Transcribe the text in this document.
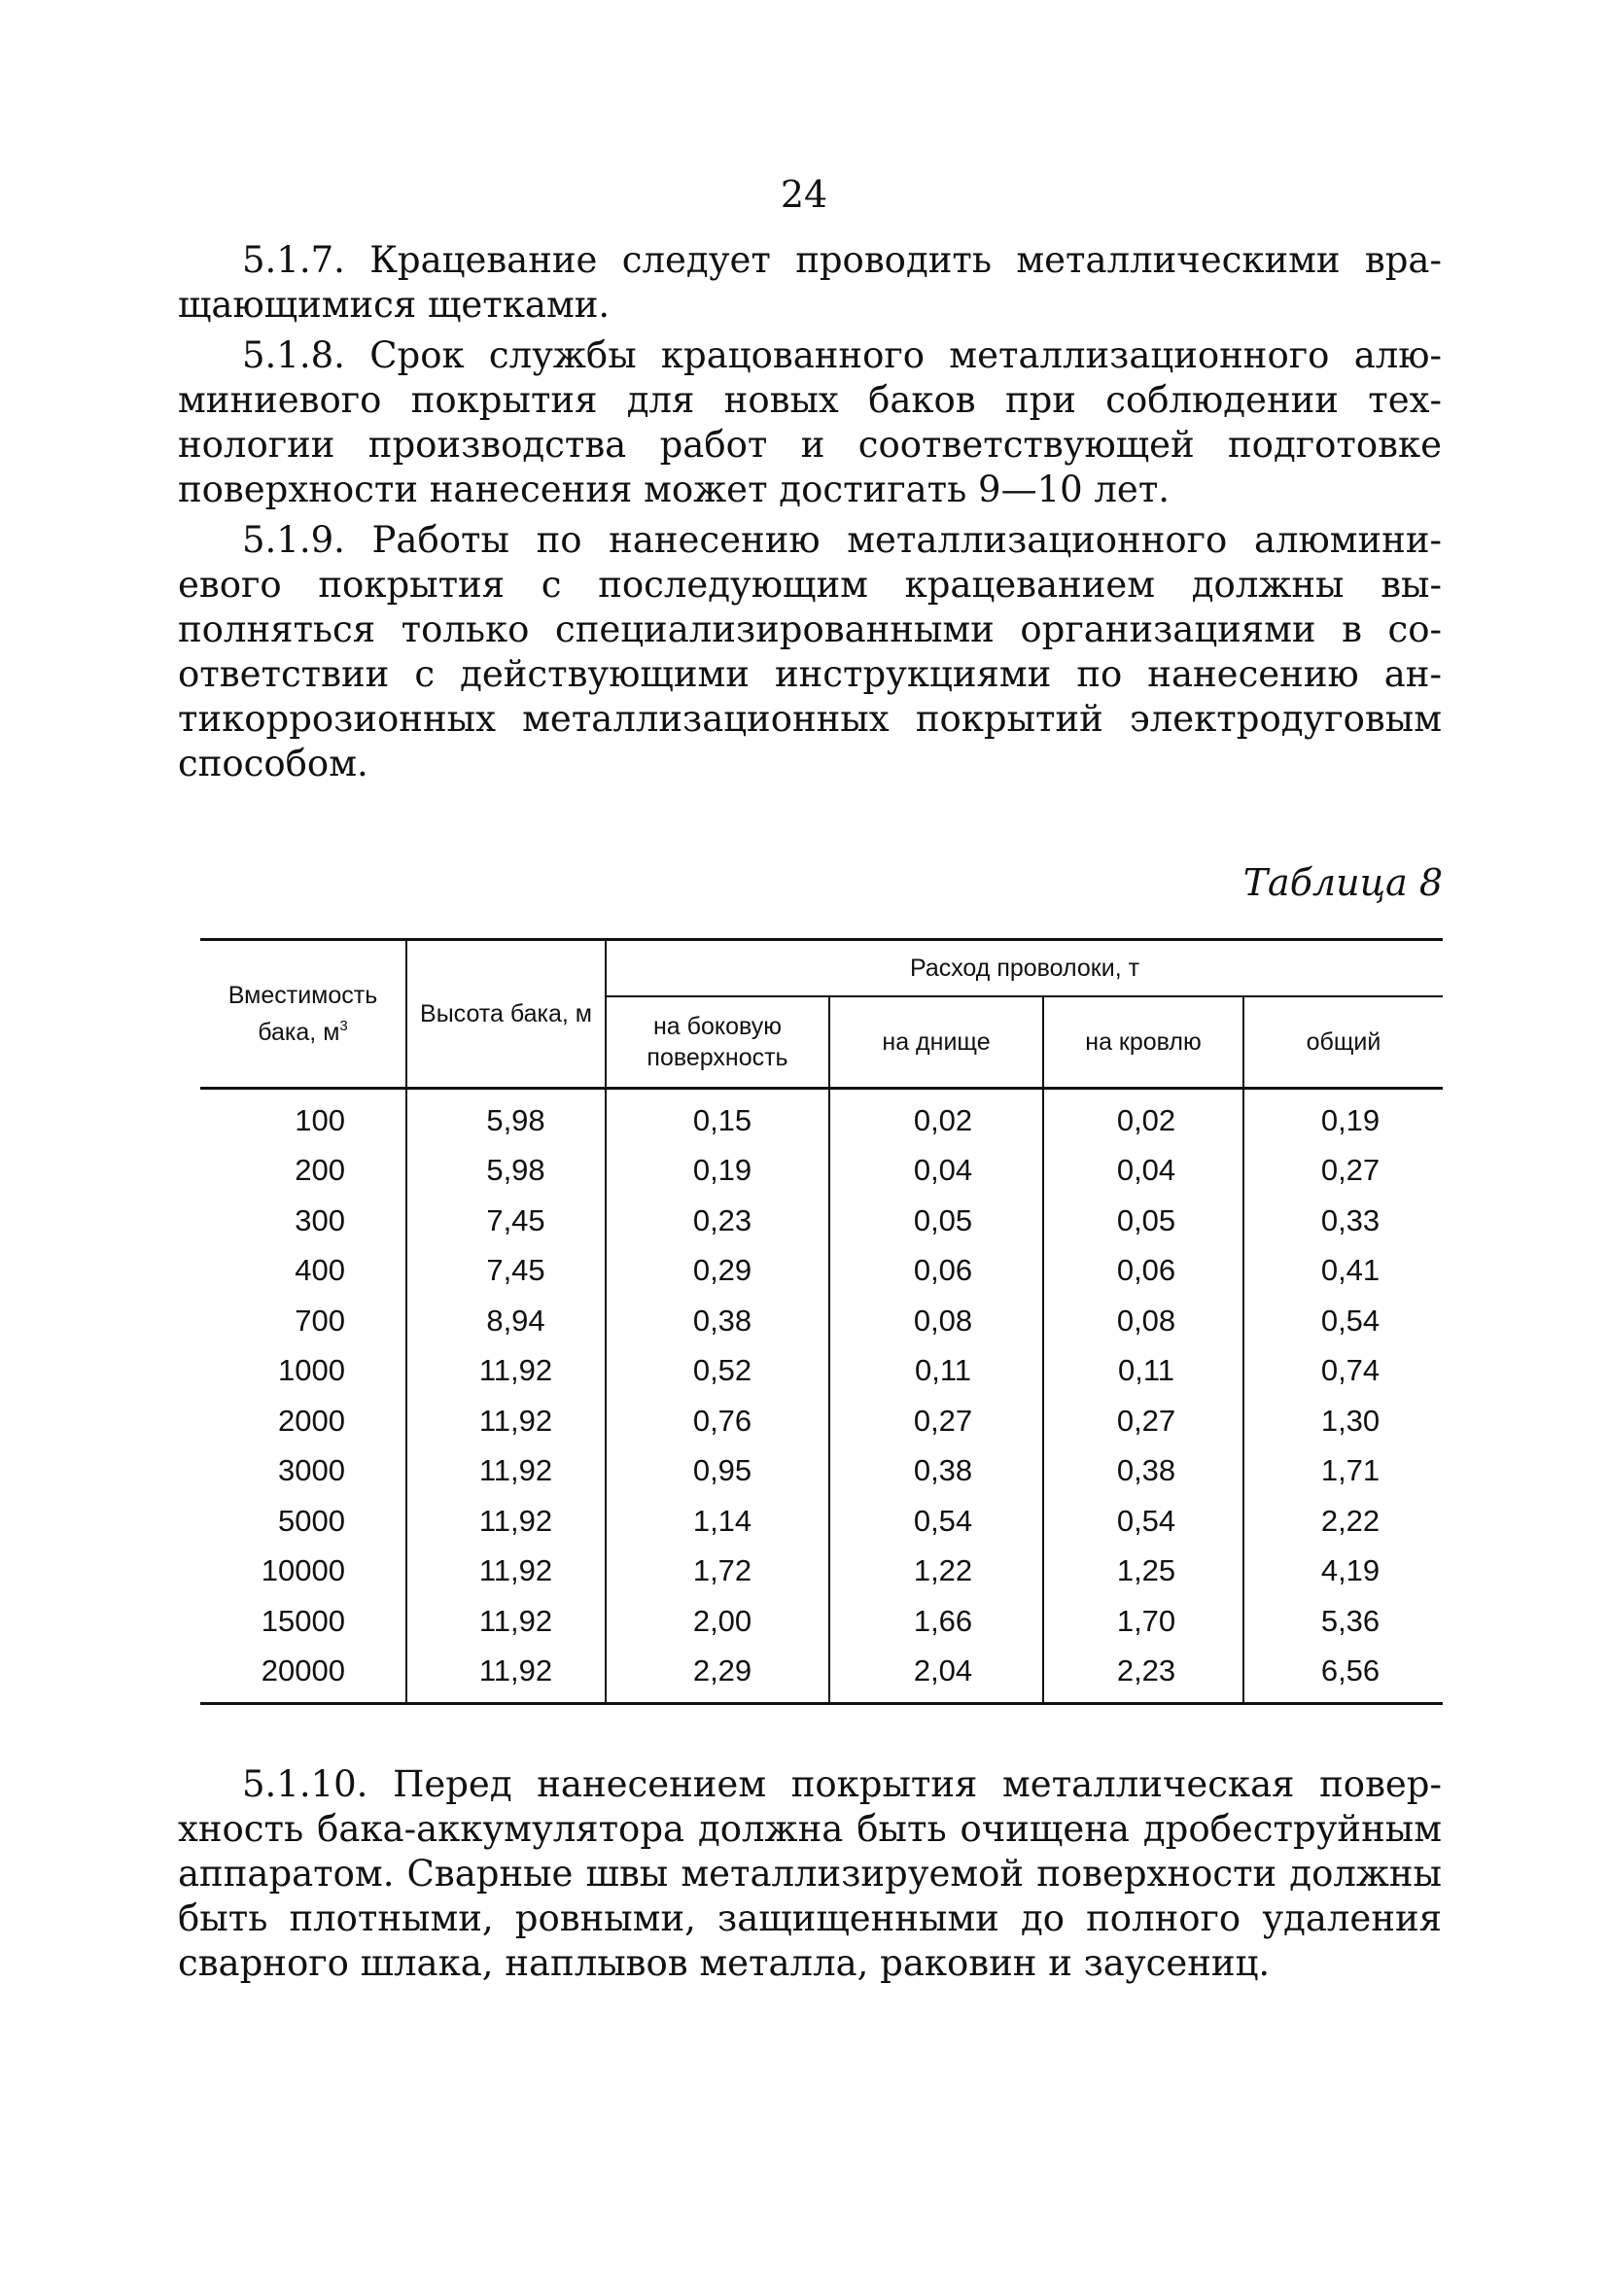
24

5.1.7. Крацевание следует проводить металлическими вращающимися щетками.

5.1.8. Срок службы крацованного металлизационного алюминиевого покрытия для новых баков при соблюдении технологии производства работ и соответствующей подготовке поверхности нанесения может достигать 9—10 лет.

5.1.9. Работы по нанесению металлизационного алюминиевого покрытия с последующим крацеванием должны выполняться только специализированными организациями в соответствии с действующими инструкциями по нанесению антикоррозионных металлизационных покрытий электродуговым способом.

Таблица 8
Вместимость бака, $м^3$	Высота бака, м	Расход проволоки, т			
		на боковую поверхность	на днище	на кровлю	общий
100	5,98	0,15	0,02	0,02	0,19
200	5,98	0,19	0,04	0,04	0,27
300	7,45	0,23	0,05	0,05	0,33
400	7,45	0,29	0,06	0,06	0,41
700	8,94	0,38	0,08	0,08	0,54
1000	11,92	0,52	0,11	0,11	0,74
2000	11,92	0,76	0,27	0,27	1,30
3000	11,92	0,95	0,38	0,38	1,71
5000	11,92	1,14	0,54	0,54	2,22
10000	11,92	1,72	1,22	1,25	4,19
15000	11,92	2,00	1,66	1,70	5,36
20000	11,92	2,29	2,04	2,23	6,56

5.1.10. Перед нанесением покрытия металлическая поверхность бака-аккумулятора должна быть очищена дробеструйным аппаратом. Сварные швы металлизируемой поверхности должны быть плотными, ровными, защищенными до полного удаления сварного шлака, наплывов металла, раковин и заусениц.
